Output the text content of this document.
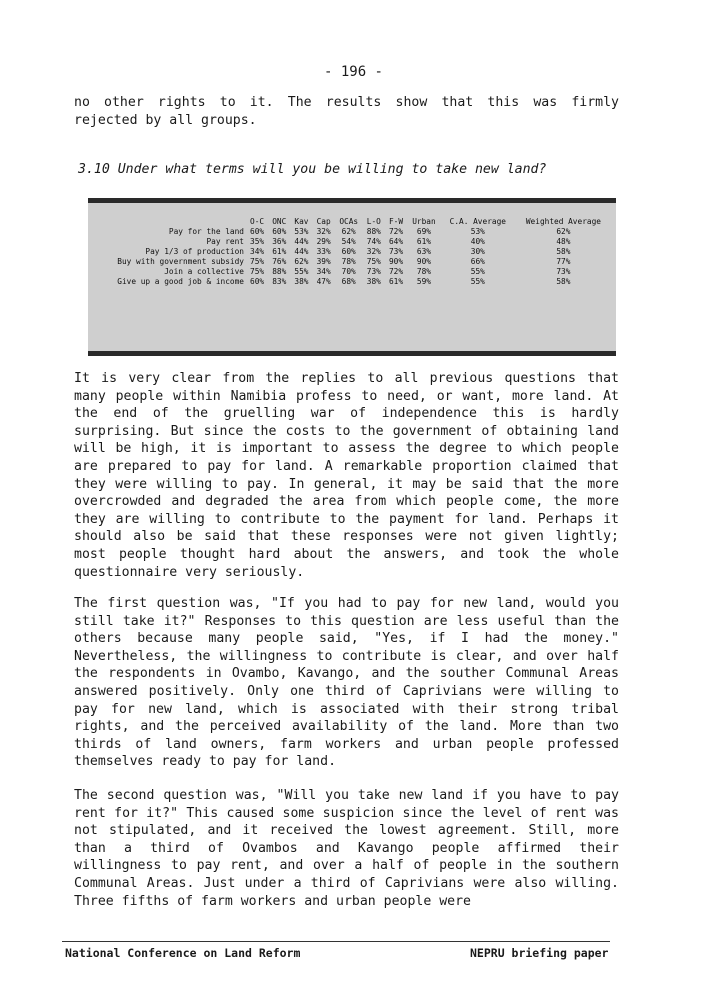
- 196 -

no other rights to it. The results show that this was firmly rejected by all groups.

3.10 Under what terms will you be willing to take new land?
	O-C	ONC	Kav	Cap	OCAs	L-O	F-W	Urban	C.A. Average	Weighted Average
Pay for the land	60%	60%	53%	32%	62%	88%	72%	69%	53%	62%
Pay rent	35%	36%	44%	29%	54%	74%	64%	61%	40%	48%
Pay 1/3 of production	34%	61%	44%	33%	60%	32%	73%	63%	30%	58%
Buy with government subsidy	75%	76%	62%	39%	78%	75%	90%	90%	66%	77%
Join a collective	75%	88%	55%	34%	70%	73%	72%	78%	55%	73%
Give up a good job & income	60%	83%	38%	47%	68%	38%	61%	59%	55%	58%

It is very clear from the replies to all previous questions that many people within Namibia profess to need, or want, more land. At the end of the gruelling war of independence this is hardly surprising. But since the costs to the government of obtaining land will be high, it is important to assess the degree to which people are prepared to pay for land. A remarkable proportion claimed that they were willing to pay. In general, it may be said that the more overcrowded and degraded the area from which people come, the more they are willing to contribute to the payment for land. Perhaps it should also be said that these responses were not given lightly; most people thought hard about the answers, and took the whole questionnaire very seriously.

The first question was, "If you had to pay for new land, would you still take it?" Responses to this question are less useful than the others because many people said, "Yes, if I had the money." Nevertheless, the willingness to contribute is clear, and over half the respondents in Ovambo, Kavango, and the souther Communal Areas answered positively. Only one third of Caprivians were willing to pay for new land, which is associated with their strong tribal rights, and the perceived availability of the land. More than two thirds of land owners, farm workers and urban people professed themselves ready to pay for land.

The second question was, "Will you take new land if you have to pay rent for it?" This caused some suspicion since the level of rent was not stipulated, and it received the lowest agreement. Still, more than a third of Ovambos and Kavango people affirmed their willingness to pay rent, and over a half of people in the southern Communal Areas. Just under a third of Caprivians were also willing. Three fifths of farm workers and urban people were

National Conference on Land Reform	NEPRU briefing paper
